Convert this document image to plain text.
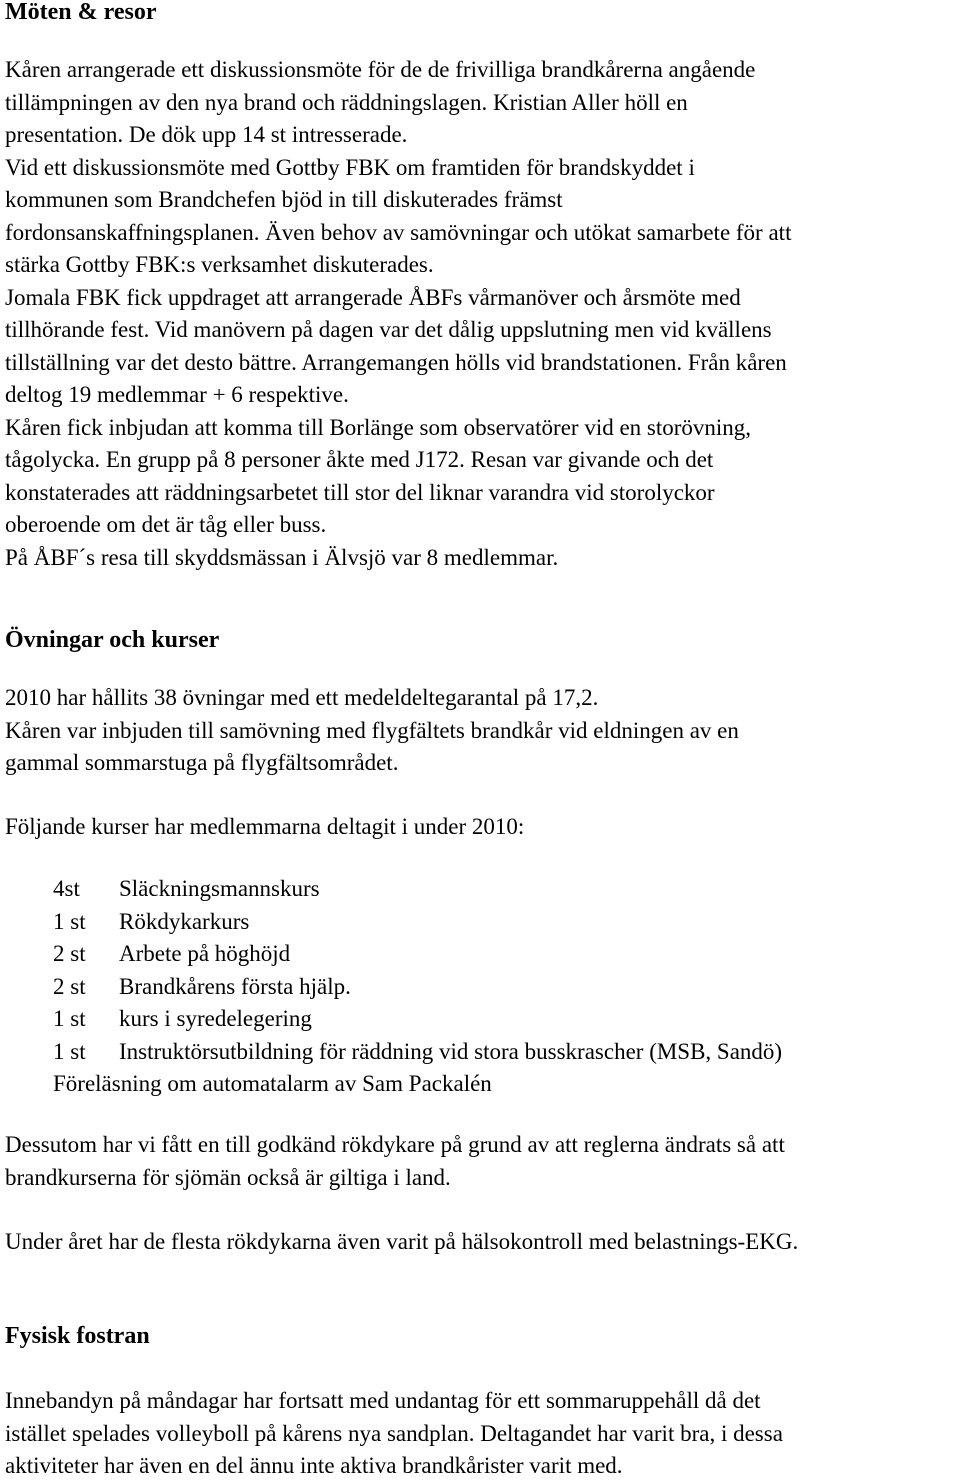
Möten & resor
Kåren arrangerade ett diskussionsmöte för de de frivilliga brandkårerna angående
tillämpningen av den nya brand och räddningslagen. Kristian Aller höll en
presentation. De dök upp 14 st intresserade.
Vid ett diskussionsmöte med Gottby FBK om framtiden för brandskyddet i
kommunen som Brandchefen bjöd in till diskuterades främst
fordonsanskaffningsplanen. Även behov av samövningar och utökat samarbete för att
stärka Gottby FBK:s verksamhet diskuterades.
Jomala FBK fick uppdraget att arrangerade ÅBFs vårmanöver och årsmöte med
tillhörande fest. Vid manövern på dagen var det dålig uppslutning men vid kvällens
tillställning var det desto bättre. Arrangemangen hölls vid brandstationen. Från kåren
deltog 19 medlemmar + 6 respektive.
Kåren fick inbjudan att komma till Borlänge som observatörer vid en storövning,
tågolycka. En grupp på 8 personer åkte med J172. Resan var givande och det
konstaterades att räddningsarbetet till stor del liknar varandra vid storolyckor
oberoende om det är tåg eller buss.
På ÅBF´s resa till skyddsmässan i Älvsjö var 8 medlemmar.
Övningar och kurser
2010 har hållits 38 övningar med ett medeldeltegarantal på 17,2.
Kåren var inbjuden till samövning med flygfältets brandkår vid eldningen av en
gammal sommarstuga på flygfältsområdet.
Följande kurser har medlemmarna deltagit i under 2010:
4st	Släckningsmannskurs
1 st	Rökdykarkurs
2 st	Arbete på höghöjd
2 st	Brandkårens första hjälp.
1 st	kurs i syredelegering
1 st	Instruktörsutbildning för räddning vid stora busskrascher (MSB, Sandö)
Föreläsning om automatalarm av Sam Packalén
Dessutom har vi fått en till godkänd rökdykare på grund av att reglerna ändrats så att
brandkurserna för sjömän också är giltiga i land.
Under året har de flesta rökdykarna även varit på hälsokontroll med belastnings-EKG.
Fysisk fostran
Innebandyn på måndagar har fortsatt med undantag för ett sommaruppehåll då det
istället spelades volleyboll på kårens nya sandplan. Deltagandet har varit bra, i dessa
aktiviteter har även en del ännu inte aktiva brandkårister varit med.
